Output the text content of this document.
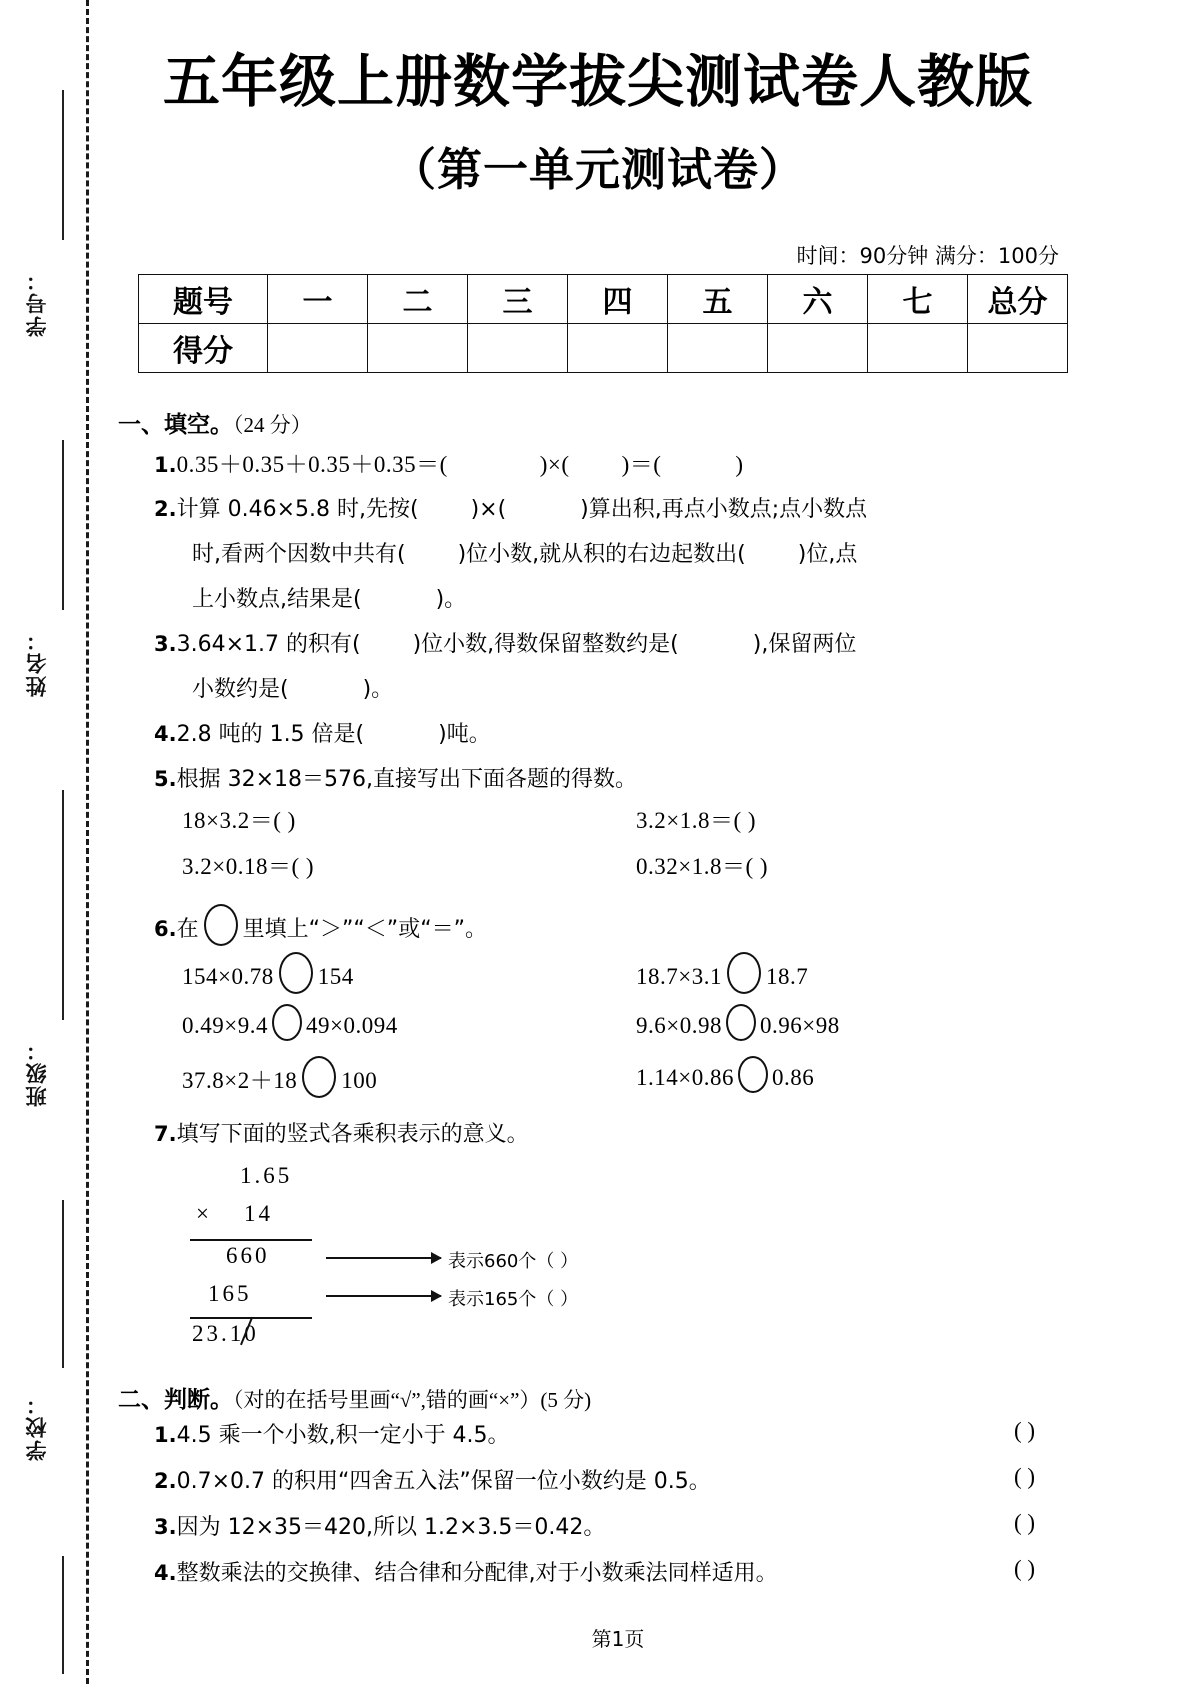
学号：
姓名：
班级：
学校：
五年级上册数学拔尖测试卷人教版
（第一单元测试卷）
时间：90分钟 满分：100分
题号	一	二	三	四	五	六	七	总分
得分								
一、填空。（24 分）
1.0.35＋0.35＋0.35＋0.35＝(	)×( )＝(	)
2.计算 0.46×5.8 时,先按( )×(	)算出积,再点小数点;点小数点
时,看两个因数中共有( )位小数,就从积的右边起数出( )位,点
上小数点,结果是(	)。
3.3.64×1.7 的积有( )位小数,得数保留整数约是(	),保留两位
小数约是(	)。
4.2.8 吨的 1.5 倍是(	)吨。
5.根据 32×18＝576,直接写出下面各题的得数。
18×3.2＝( )	3.2×1.8＝( )
3.2×0.18＝( )	0.32×1.8＝( )
6.在 里填上“＞”“＜”或“＝”。
154×0.78 154	18.7×3.1 18.7
0.49×9.4 49×0.094	9.6×0.98 0.96×98
37.8×2＋18 100	1.14×0.86 0.86
7.填写下面的竖式各乘积表示的意义。
1.65
× 14
660	表示660个（ ）
165	表示165个（ ）
23.10
二、判断。（对的在括号里画“√”,错的画“×”）(5 分)
1.4.5 乘一个小数,积一定小于 4.5。	( )
2.0.7×0.7 的积用“四舍五入法”保留一位小数约是 0.5。	( )
3.因为 12×35＝420,所以 1.2×3.5＝0.42。	( )
4.整数乘法的交换律、结合律和分配律,对于小数乘法同样适用。	( )
第1页
